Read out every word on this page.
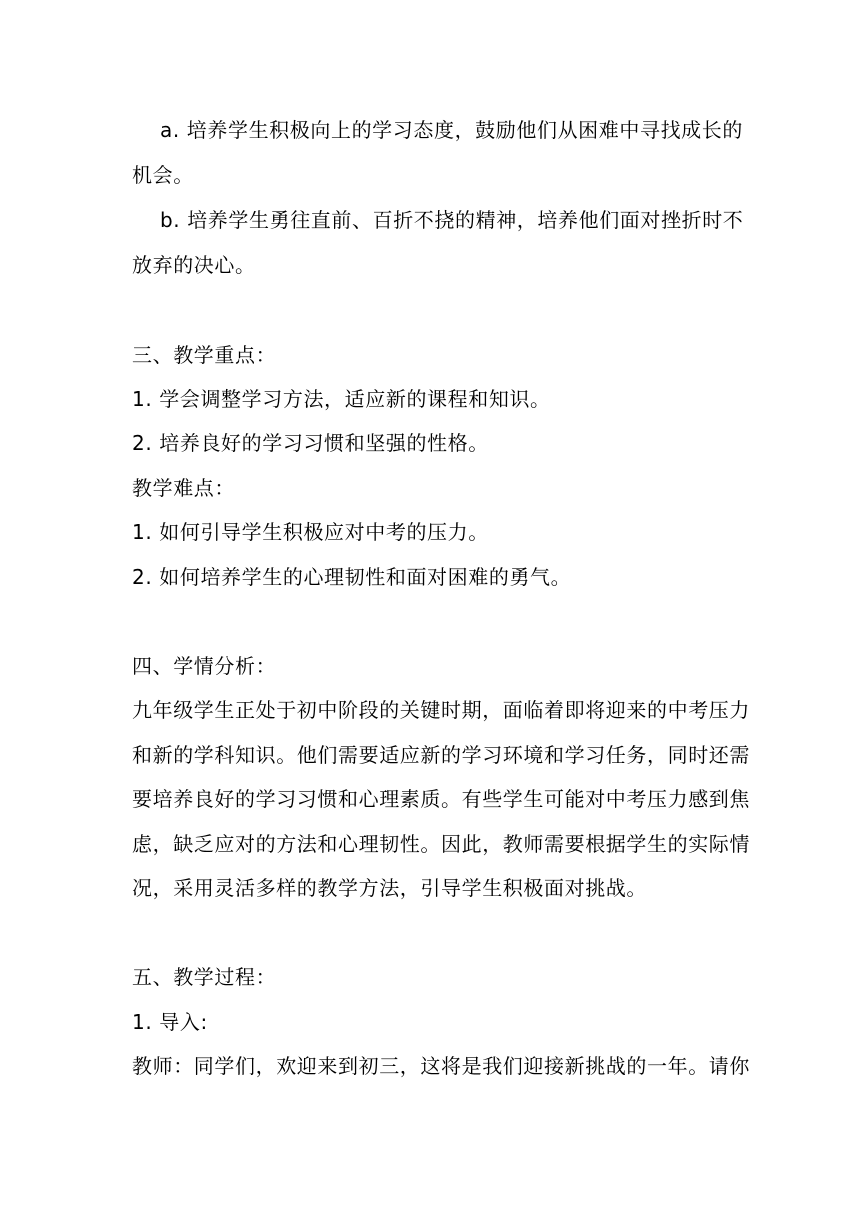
a. 培养学生积极向上的学习态度，鼓励他们从困难中寻找成长的
机会。
b. 培养学生勇往直前、百折不挠的精神，培养他们面对挫折时不
放弃的决心。
三、教学重点：
1. 学会调整学习方法，适应新的课程和知识。
2. 培养良好的学习习惯和坚强的性格。
教学难点：
1. 如何引导学生积极应对中考的压力。
2. 如何培养学生的心理韧性和面对困难的勇气。
四、学情分析：
九年级学生正处于初中阶段的关键时期，面临着即将迎来的中考压力
和新的学科知识。他们需要适应新的学习环境和学习任务，同时还需
要培养良好的学习习惯和心理素质。有些学生可能对中考压力感到焦
虑，缺乏应对的方法和心理韧性。因此，教师需要根据学生的实际情
况，采用灵活多样的教学方法，引导学生积极面对挑战。
五、教学过程：
1. 导入:
教师：同学们，欢迎来到初三，这将是我们迎接新挑战的一年。请你
